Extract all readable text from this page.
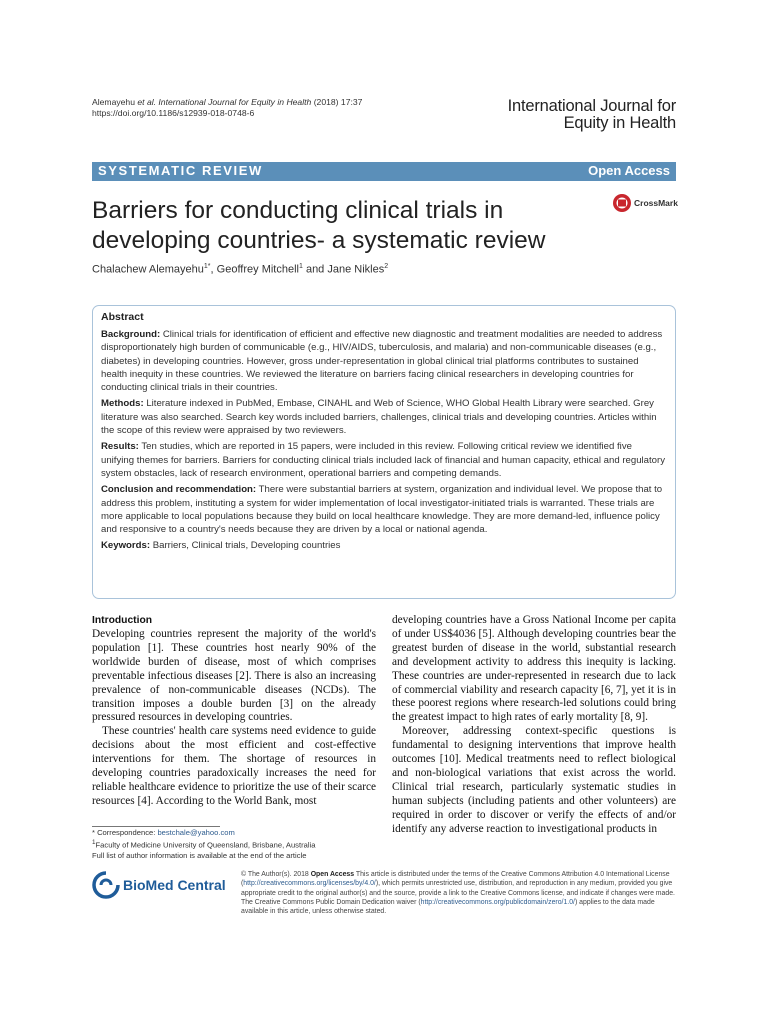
Alemayehu et al. International Journal for Equity in Health (2018) 17:37
https://doi.org/10.1186/s12939-018-0748-6	International Journal for
Equity in Health
SYSTEMATIC REVIEW	Open Access
Barriers for conducting clinical trials in
developing countries- a systematic review
CrossMark
Chalachew Alemayehu$^{1*}$, Geoffrey Mitchell$^1$ and Jane Nikles$^2$
Abstract

Background: Clinical trials for identification of efficient and effective new diagnostic and treatment modalities are needed to address disproportionately high burden of communicable (e.g., HIV/AIDS, tuberculosis, and malaria) and non-communicable diseases (e.g., diabetes) in developing countries. However, gross under-representation in global clinical trial platforms contributes to sustained health inequity in these countries. We reviewed the literature on barriers facing clinical researchers in developing countries for conducting clinical trials in their countries.

Methods: Literature indexed in PubMed, Embase, CINAHL and Web of Science, WHO Global Health Library were searched. Grey literature was also searched. Search key words included barriers, challenges, clinical trials and developing countries. Articles within the scope of this review were appraised by two reviewers.

Results: Ten studies, which are reported in 15 papers, were included in this review. Following critical review we identified five unifying themes for barriers. Barriers for conducting clinical trials included lack of financial and human capacity, ethical and regulatory system obstacles, lack of research environment, operational barriers and competing demands.

Conclusion and recommendation: There were substantial barriers at system, organization and individual level. We propose that to address this problem, instituting a system for wider implementation of local investigator-initiated trials is warranted. These trials are more applicable to local populations because they build on local healthcare knowledge. They are more demand-led, influence policy and responsive to a country's needs because they are driven by a local or national agenda.

Keywords: Barriers, Clinical trials, Developing countries

Introduction

Developing countries represent the majority of the world's population [1]. These countries host nearly 90% of the worldwide burden of disease, most of which comprises preventable infectious diseases [2]. There is also an increasing prevalence of non-communicable diseases (NCDs). The transition imposes a double burden [3] on the already pressured resources in developing countries.

These countries' health care systems need evidence to guide decisions about the most efficient and cost-effective interventions for them. The shortage of resources in developing countries paradoxically increases the need for reliable healthcare evidence to prioritize the use of their scarce resources [4]. According to the World Bank, most

developing countries have a Gross National Income per capita of under US$4036 [5]. Although developing countries bear the greatest burden of disease in the world, substantial research and development activity to address this inequity is lacking. These countries are under-represented in research due to lack of commercial viability and research capacity [6, 7], yet it is in these poorest regions where research-led solutions could bring the greatest impact to high rates of early mortality [8, 9].

Moreover, addressing context-specific questions is fundamental to designing interventions that improve health outcomes [10]. Medical treatments need to reflect biological and non-biological variations that exist across the world. Clinical trial research, particularly systematic studies in human subjects (including patients and other volunteers) are required in order to discover or verify the effects of and/or identify any adverse reaction to investigational products in

* Correspondence: bestchale@yahoo.com
$^1$Faculty of Medicine University of Queensland, Brisbane, Australia
Full list of author information is available at the end of the article
BioMed Central
© The Author(s). 2018 Open Access This article is distributed under the terms of the Creative Commons Attribution 4.0 International License (http://creativecommons.org/licenses/by/4.0/), which permits unrestricted use, distribution, and reproduction in any medium, provided you give appropriate credit to the original author(s) and the source, provide a link to the Creative Commons license, and indicate if changes were made. The Creative Commons Public Domain Dedication waiver (http://creativecommons.org/publicdomain/zero/1.0/) applies to the data made available in this article, unless otherwise stated.
